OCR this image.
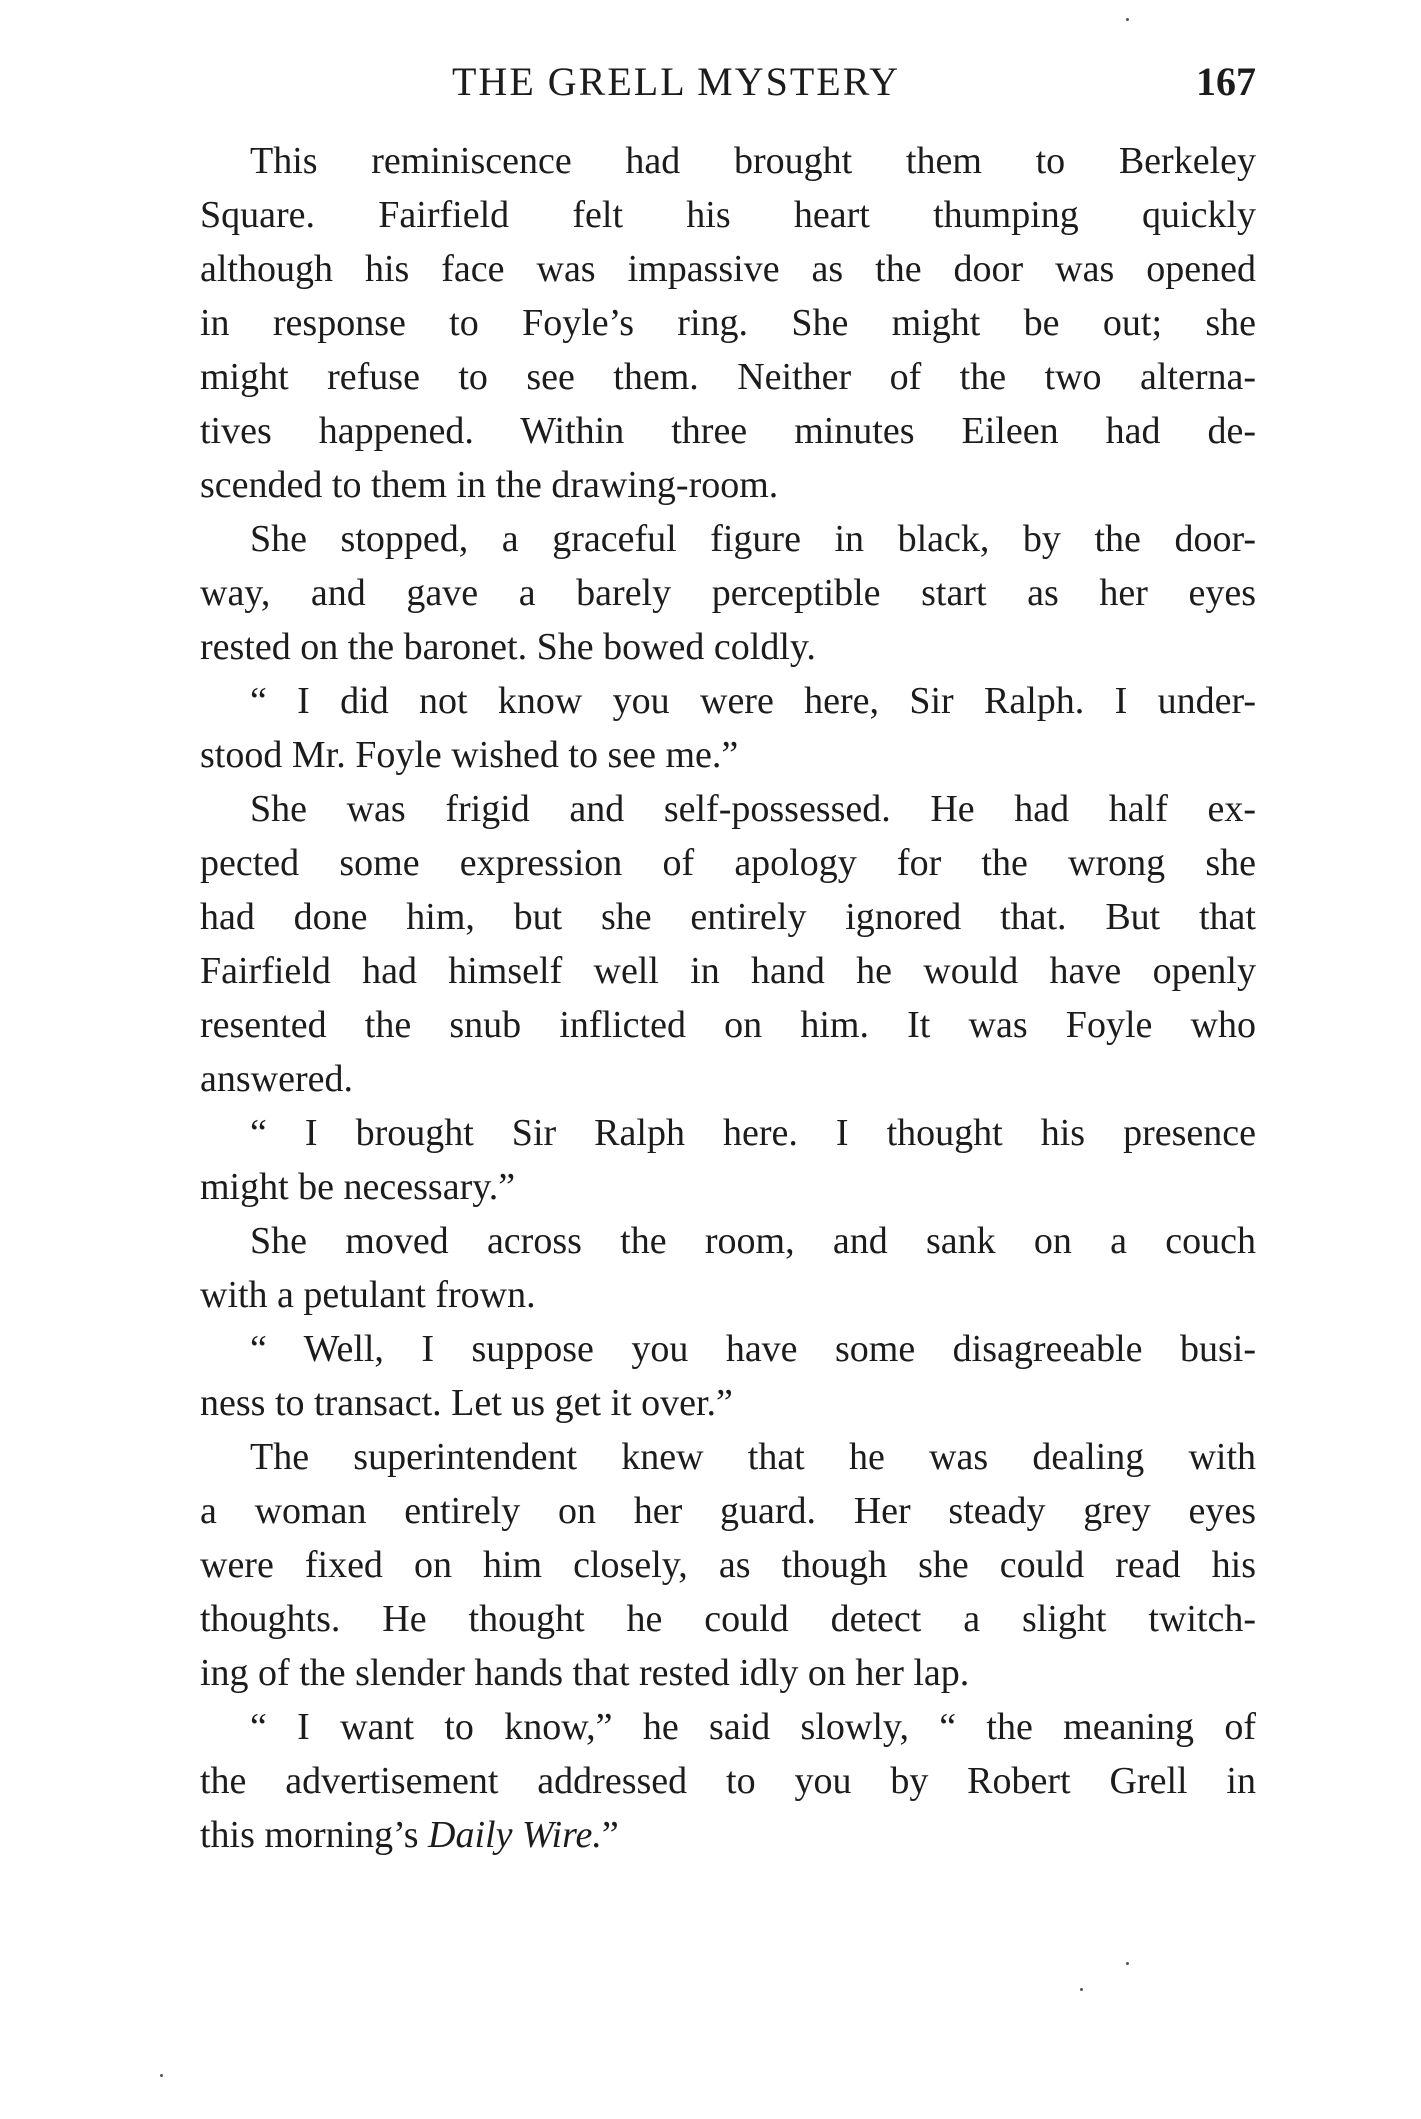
THE GRELL MYSTERY	167
This reminiscence had brought them to Berkeley
Square. Fairfield felt his heart thumping quickly
although his face was impassive as the door was opened
in response to Foyle’s ring. She might be out; she
might refuse to see them. Neither of the two alterna-
tives happened. Within three minutes Eileen had de-
scended to them in the drawing-room.
She stopped, a graceful figure in black, by the door-
way, and gave a barely perceptible start as her eyes
rested on the baronet. She bowed coldly.
“ I did not know you were here, Sir Ralph. I under-
stood Mr. Foyle wished to see me.”
She was frigid and self-possessed. He had half ex-
pected some expression of apology for the wrong she
had done him, but she entirely ignored that. But that
Fairfield had himself well in hand he would have openly
resented the snub inflicted on him. It was Foyle who
answered.
“ I brought Sir Ralph here. I thought his presence
might be necessary.”
She moved across the room, and sank on a couch
with a petulant frown.
“ Well, I suppose you have some disagreeable busi-
ness to transact. Let us get it over.”
The superintendent knew that he was dealing with
a woman entirely on her guard. Her steady grey eyes
were fixed on him closely, as though she could read his
thoughts. He thought he could detect a slight twitch-
ing of the slender hands that rested idly on her lap.
“ I want to know,” he said slowly, “ the meaning of
the advertisement addressed to you by Robert Grell in
this morning’s Daily Wire.”
